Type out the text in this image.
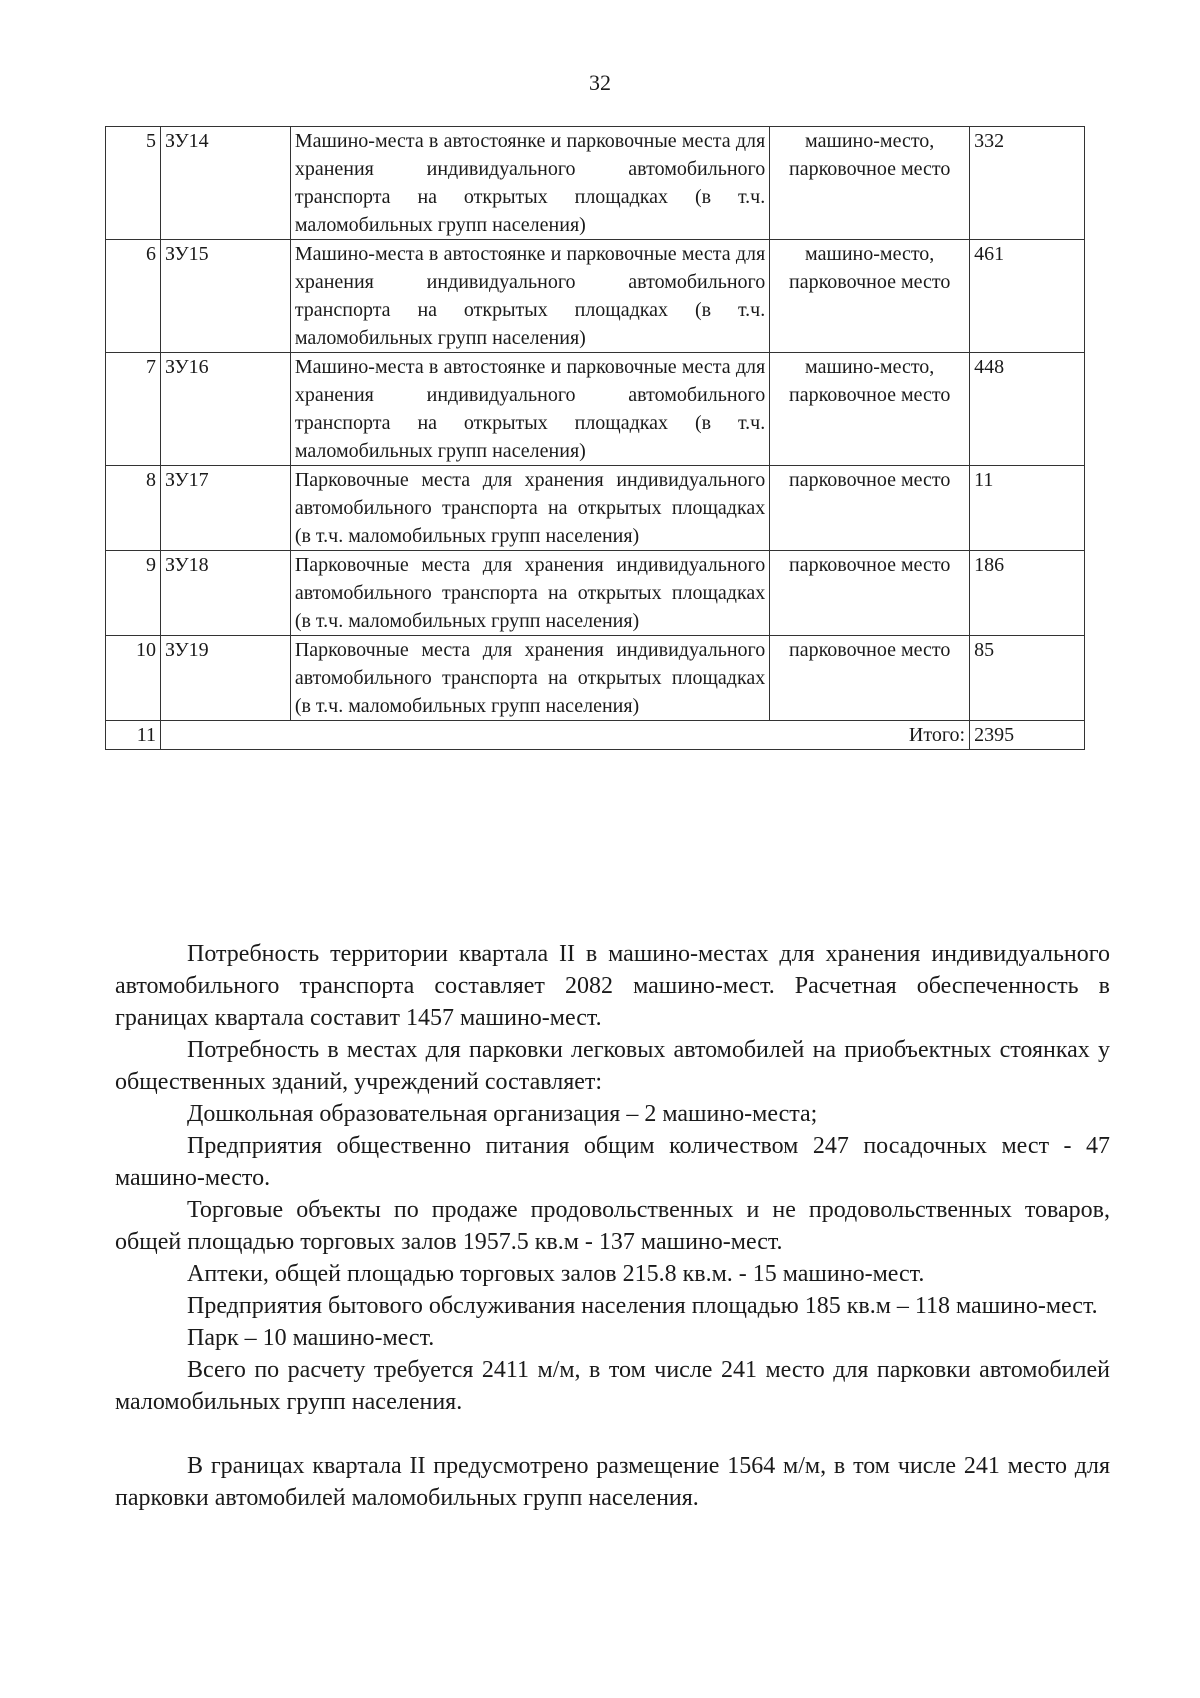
32
5	ЗУ14	Машино-места в автостоянке и парковочные места для хранения индивидуального автомобильного транспорта на открытых площадках (в т.ч. маломобильных групп населения)	машино-место, парковочное место	332
6	ЗУ15	Машино-места в автостоянке и парковочные места для хранения индивидуального автомобильного транспорта на открытых площадках (в т.ч. маломобильных групп населения)	машино-место, парковочное место	461
7	ЗУ16	Машино-места в автостоянке и парковочные места для хранения индивидуального автомобильного транспорта на открытых площадках (в т.ч. маломобильных групп населения)	машино-место, парковочное место	448
8	ЗУ17	Парковочные места для хранения индивидуального автомобильного транспорта на открытых площадках (в т.ч. маломобильных групп населения)	парковочное место	11
9	ЗУ18	Парковочные места для хранения индивидуального автомобильного транспорта на открытых площадках (в т.ч. маломобильных групп населения)	парковочное место	186
10	ЗУ19	Парковочные места для хранения индивидуального автомобильного транспорта на открытых площадках (в т.ч. маломобильных групп населения)	парковочное место	85
11	Итого:			2395

Потребность территории квартала II в машино-местах для хранения индивидуального автомобильного транспорта составляет 2082 машино-мест. Расчетная обеспеченность в границах квартала составит 1457 машино-мест.

Потребность в местах для парковки легковых автомобилей на приобъектных стоянках у общественных зданий, учреждений составляет:

Дошкольная образовательная организация – 2 машино-места;

Предприятия общественно питания общим количеством 247 посадочных мест - 47 машино-место.

Торговые объекты по продаже продовольственных и не продовольственных товаров, общей площадью торговых залов 1957.5 кв.м - 137 машино-мест.

Аптеки, общей площадью торговых залов 215.8 кв.м. - 15 машино-мест.

Предприятия бытового обслуживания населения площадью 185 кв.м – 118 машино-мест.

Парк – 10 машино-мест.

Всего по расчету требуется 2411 м/м, в том числе 241 место для парковки автомобилей маломобильных групп населения.

В границах квартала II предусмотрено размещение 1564 м/м, в том числе 241 место для парковки автомобилей маломобильных групп населения.
